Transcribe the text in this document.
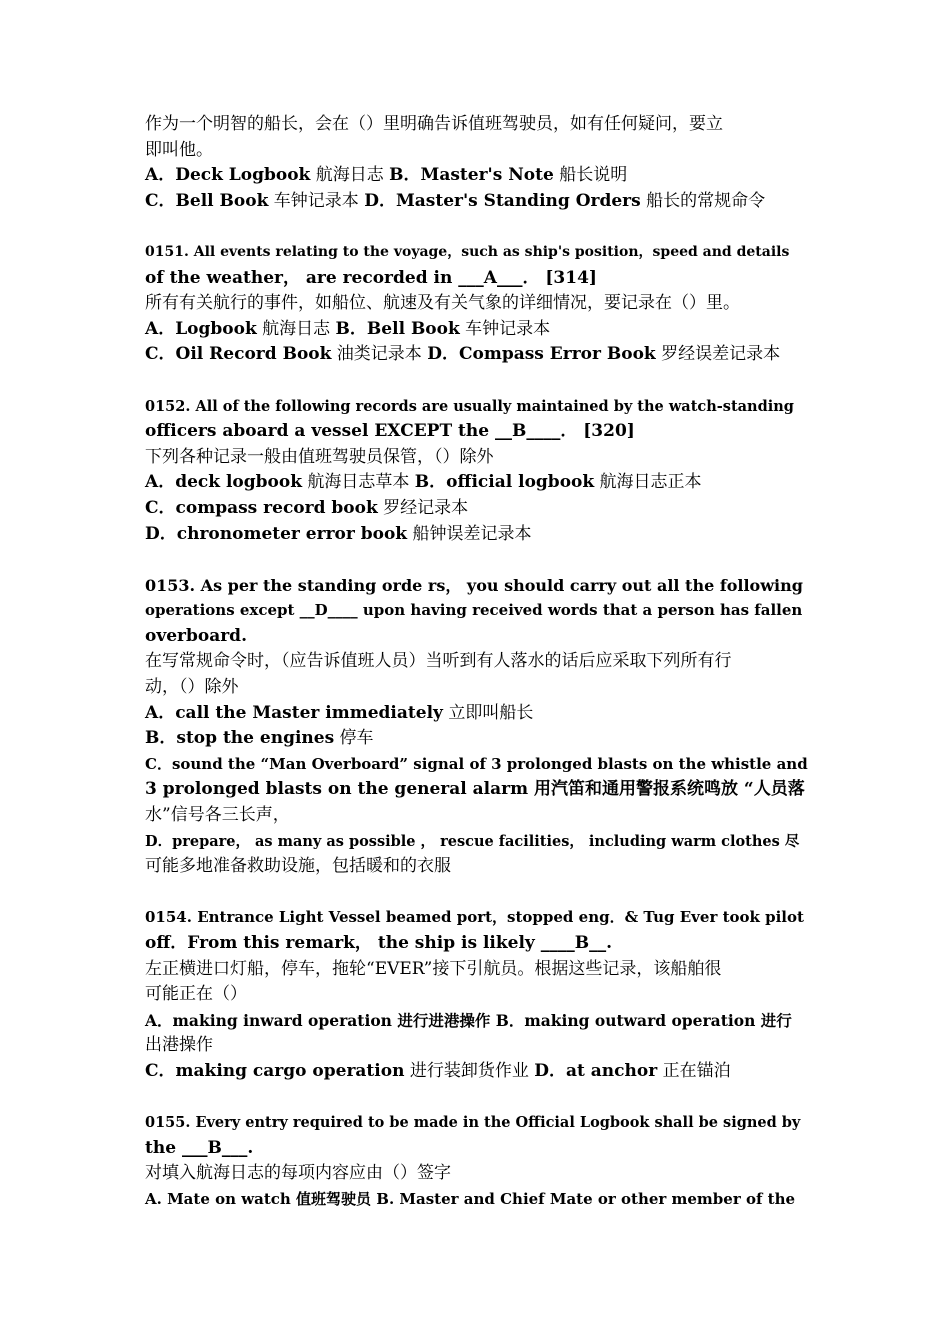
作为一个明智的船长，会在（）里明确告诉值班驾驶员，如有任何疑问，要立
即叫他。
A．Deck Logbook 航海日志 B．Master's Note 船长说明
C．Bell Book 车钟记录本 D．Master's Standing Orders 船长的常规命令
0151. All events relating to the voyage，such as ship's position，speed and details
of the weather， are recorded in ___A___． [314]
所有有关航行的事件，如船位、航速及有关气象的详细情况，要记录在（）里。
A．Logbook 航海日志 B．Bell Book 车钟记录本
C．Oil Record Book 油类记录本 D．Compass Error Book 罗经误差记录本
0152. All of the following records are usually maintained by the watch-standing
officers aboard a vessel EXCEPT the __B____． [320]
下列各种记录一般由值班驾驶员保管，（）除外
A．deck logbook 航海日志草本 B．official logbook 航海日志正本
C．compass record book 罗经记录本
D．chronometer error book 船钟误差记录本
0153. As per the standing orde rs， you should carry out all the following
operations except __D____ upon having received words that a person has fallen
overboard.
在写常规命令时，（应告诉值班人员）当听到有人落水的话后应采取下列所有行
动，（）除外
A．call the Master immediately 立即叫船长
B．stop the engines 停车
C．sound the “Man Overboard” signal of 3 prolonged blasts on the whistle and
3 prolonged blasts on the general alarm 用汽笛和通用警报系统鸣放 “人员落
水”信号各三长声，
D．prepare， as many as possible ， rescue facilities， including warm clothes 尽
可能多地准备救助设施，包括暖和的衣服
0154. Entrance Light Vessel beamed port，stopped eng．& Tug Ever took pilot
off．From this remark， the ship is likely ____B__.
左正横进口灯船，停车，拖轮“EVER”接下引航员。根据这些记录，该船舶很
可能正在（）
A．making inward operation 进行进港操作 B．making outward operation 进行
出港操作
C．making cargo operation 进行装卸货作业 D．at anchor 正在锚泊
0155. Every entry required to be made in the Official Logbook shall be signed by
the ___B___.
对填入航海日志的每项内容应由（）签字
A. Mate on watch 值班驾驶员 B. Master and Chief Mate or other member of the
